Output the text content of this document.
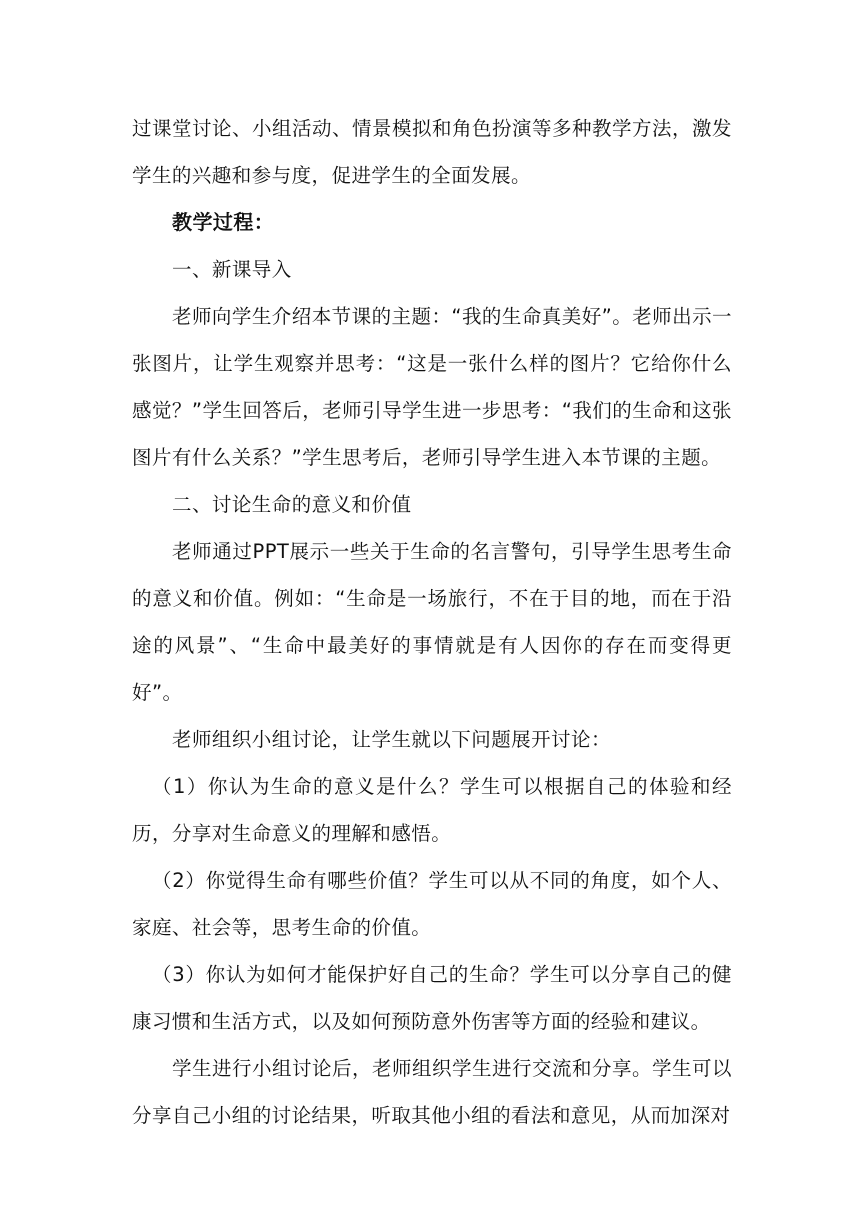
过课堂讨论、小组活动、情景模拟和角色扮演等多种教学方法，激发学生的兴趣和参与度，促进学生的全面发展。

教学过程：

一、新课导入

老师向学生介绍本节课的主题：“我的生命真美好”。老师出示一张图片，让学生观察并思考：“这是一张什么样的图片？它给你什么感觉？”学生回答后，老师引导学生进一步思考：“我们的生命和这张图片有什么关系？”学生思考后，老师引导学生进入本节课的主题。

二、讨论生命的意义和价值

老师通过PPT展示一些关于生命的名言警句，引导学生思考生命的意义和价值。例如：“生命是一场旅行，不在于目的地，而在于沿途的风景”、“生命中最美好的事情就是有人因你的存在而变得更好”。

老师组织小组讨论，让学生就以下问题展开讨论：

（1）你认为生命的意义是什么？学生可以根据自己的体验和经历，分享对生命意义的理解和感悟。

（2）你觉得生命有哪些价值？学生可以从不同的角度，如个人、家庭、社会等，思考生命的价值。

（3）你认为如何才能保护好自己的生命？学生可以分享自己的健康习惯和生活方式，以及如何预防意外伤害等方面的经验和建议。

学生进行小组讨论后，老师组织学生进行交流和分享。学生可以分享自己小组的讨论结果，听取其他小组的看法和意见，从而加深对
